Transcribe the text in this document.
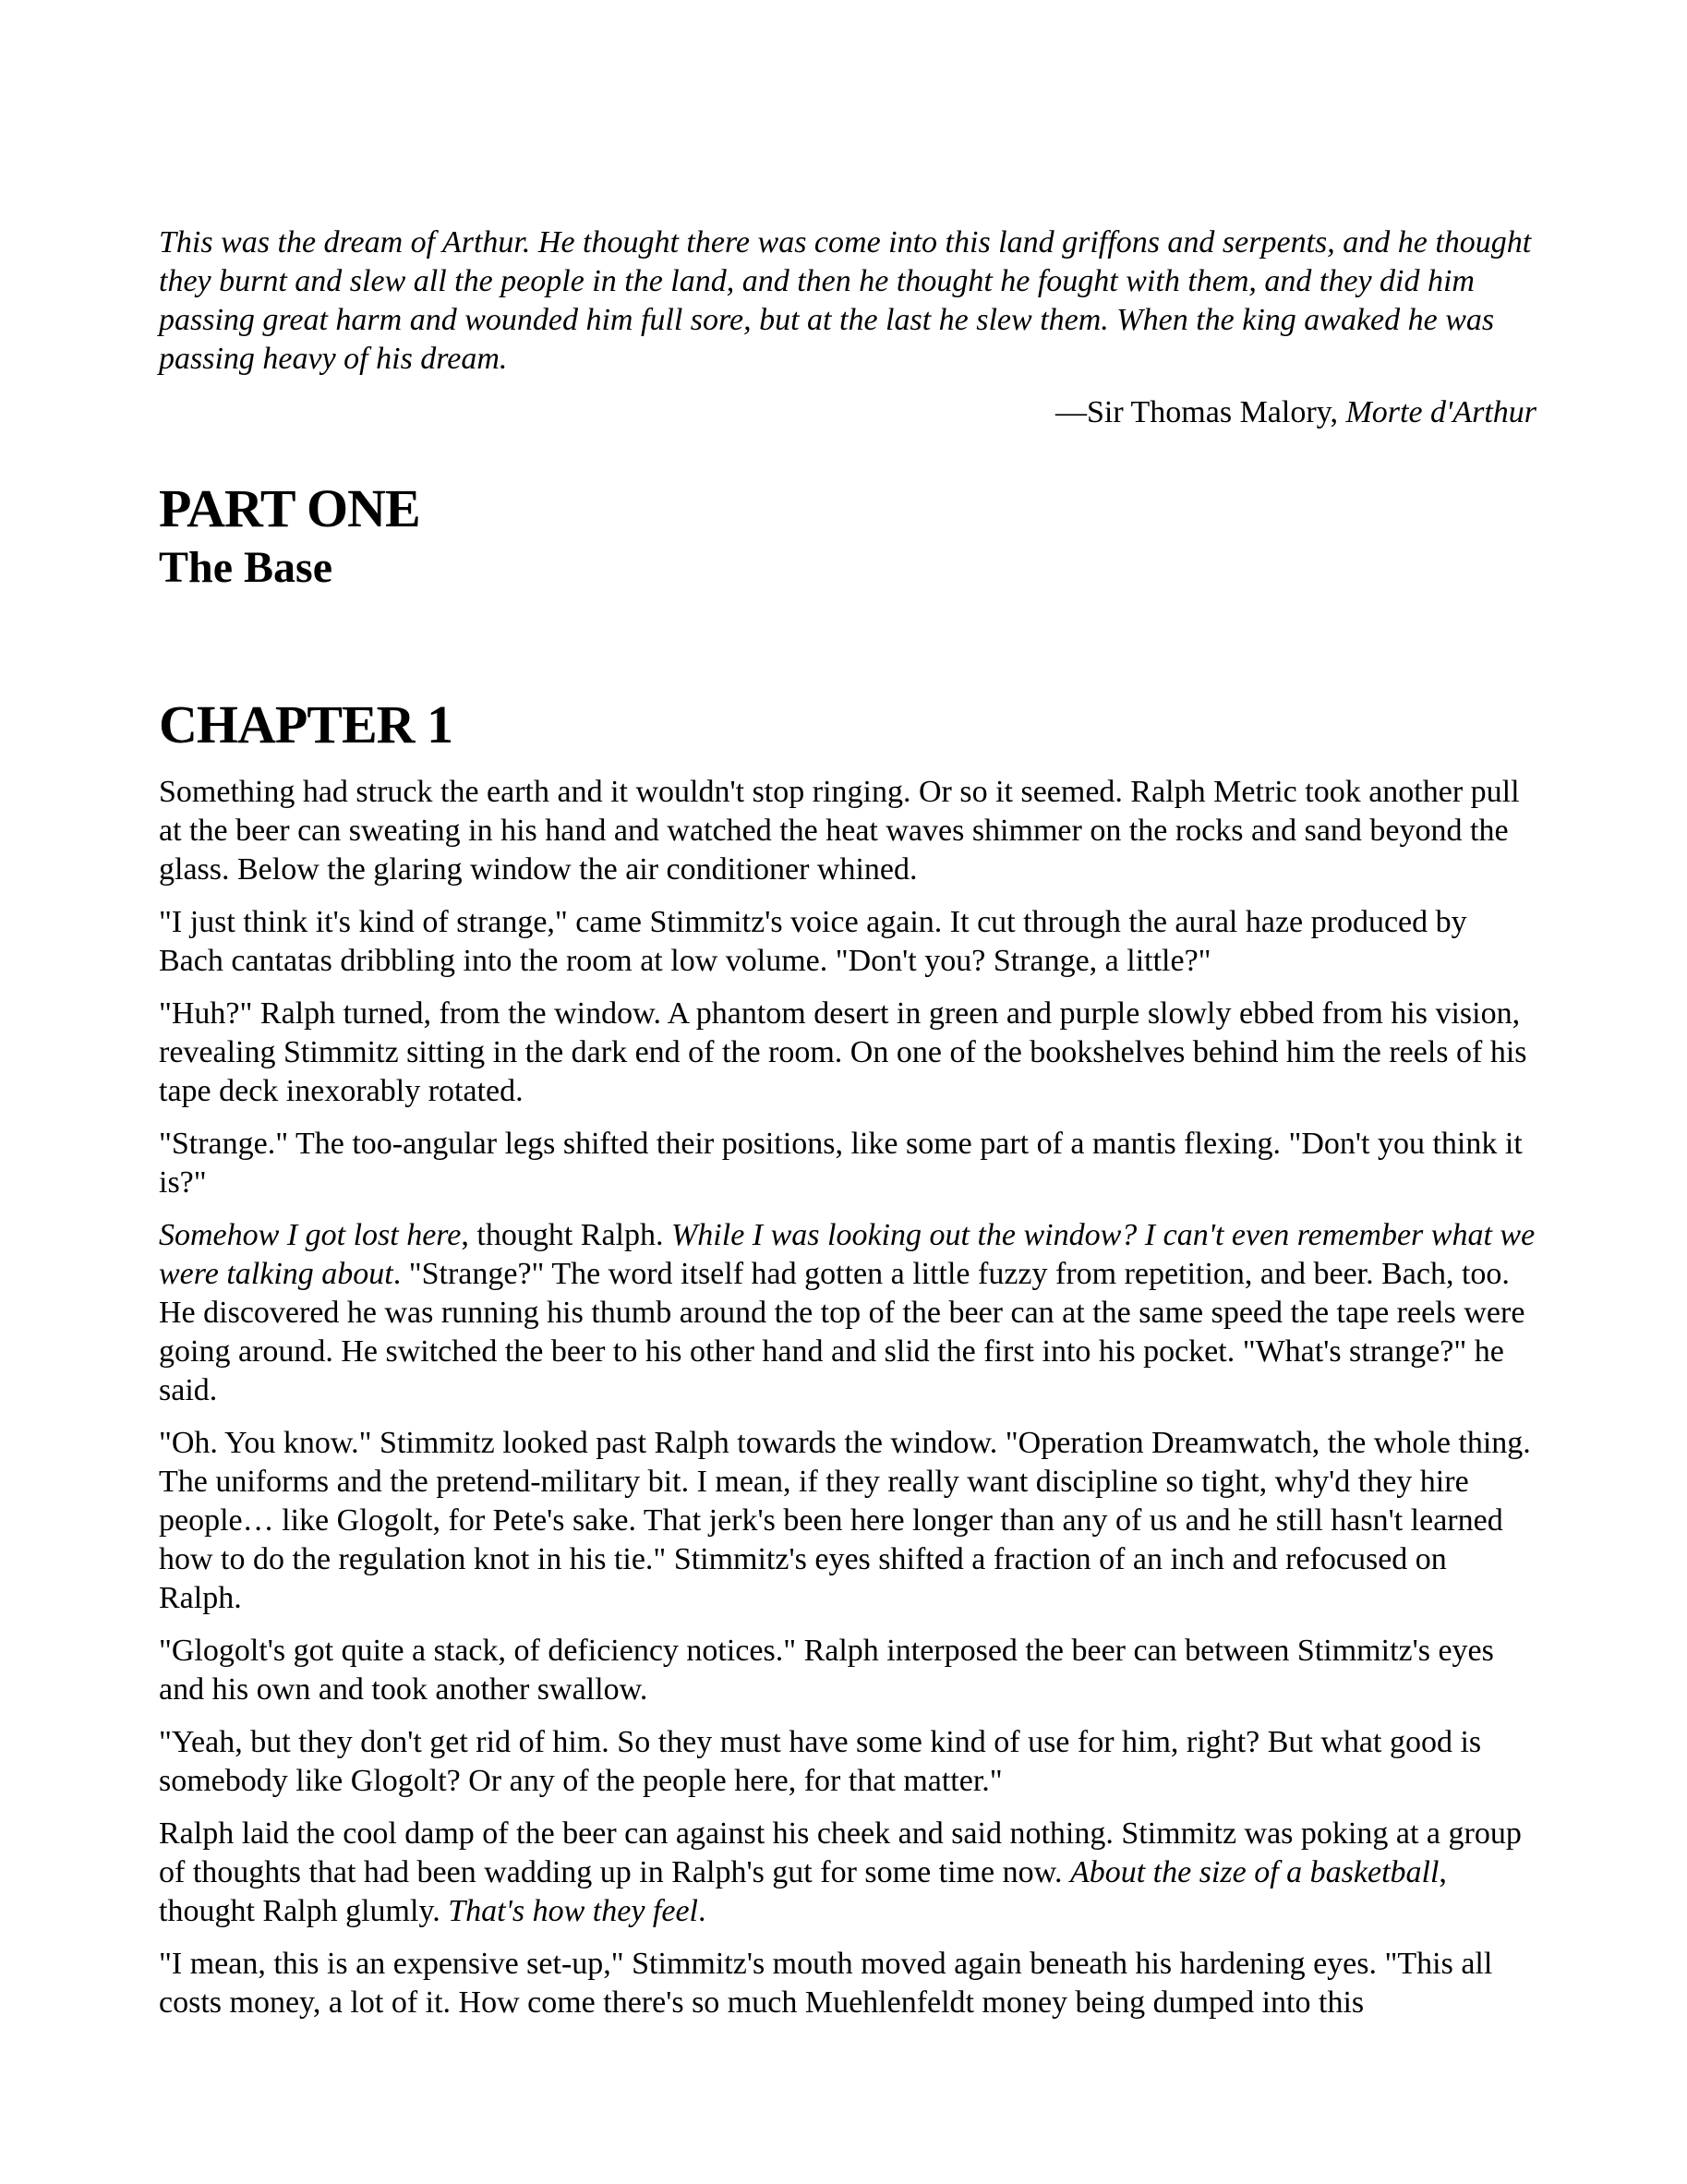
This was the dream of Arthur. He thought there was come into this land griffons and serpents, and he thought they burnt and slew all the people in the land, and then he thought he fought with them, and they did him passing great harm and wounded him full sore, but at the last he slew them. When the king awaked he was passing heavy of his dream.

—Sir Thomas Malory, Morte d'Arthur

PART ONE
The Base
CHAPTER 1

Something had struck the earth and it wouldn't stop ringing. Or so it seemed. Ralph Metric took another pull at the beer can sweating in his hand and watched the heat waves shimmer on the rocks and sand beyond the glass. Below the glaring window the air conditioner whined.

"I just think it's kind of strange," came Stimmitz's voice again. It cut through the aural haze produced by Bach cantatas dribbling into the room at low volume. "Don't you? Strange, a little?"

"Huh?" Ralph turned, from the window. A phantom desert in green and purple slowly ebbed from his vision, revealing Stimmitz sitting in the dark end of the room. On one of the bookshelves behind him the reels of his tape deck inexorably rotated.

"Strange." The too-angular legs shifted their positions, like some part of a mantis flexing. "Don't you think it is?"

Somehow I got lost here, thought Ralph. While I was looking out the window? I can't even remember what we were talking about. "Strange?" The word itself had gotten a little fuzzy from repetition, and beer. Bach, too. He discovered he was running his thumb around the top of the beer can at the same speed the tape reels were going around. He switched the beer to his other hand and slid the first into his pocket. "What's strange?" he said.

"Oh. You know." Stimmitz looked past Ralph towards the window. "Operation Dreamwatch, the whole thing. The uniforms and the pretend-military bit. I mean, if they really want discipline so tight, why'd they hire people… like Glogolt, for Pete's sake. That jerk's been here longer than any of us and he still hasn't learned how to do the regulation knot in his tie." Stimmitz's eyes shifted a fraction of an inch and refocused on Ralph.

"Glogolt's got quite a stack, of deficiency notices." Ralph interposed the beer can between Stimmitz's eyes and his own and took another swallow.

"Yeah, but they don't get rid of him. So they must have some kind of use for him, right? But what good is somebody like Glogolt? Or any of the people here, for that matter."

Ralph laid the cool damp of the beer can against his cheek and said nothing. Stimmitz was poking at a group of thoughts that had been wadding up in Ralph's gut for some time now. About the size of a basketball, thought Ralph glumly. That's how they feel.

"I mean, this is an expensive set-up," Stimmitz's mouth moved again beneath his hardening eyes. "This all costs money, a lot of it. How come there's so much Muehlenfeldt money being dumped into this
